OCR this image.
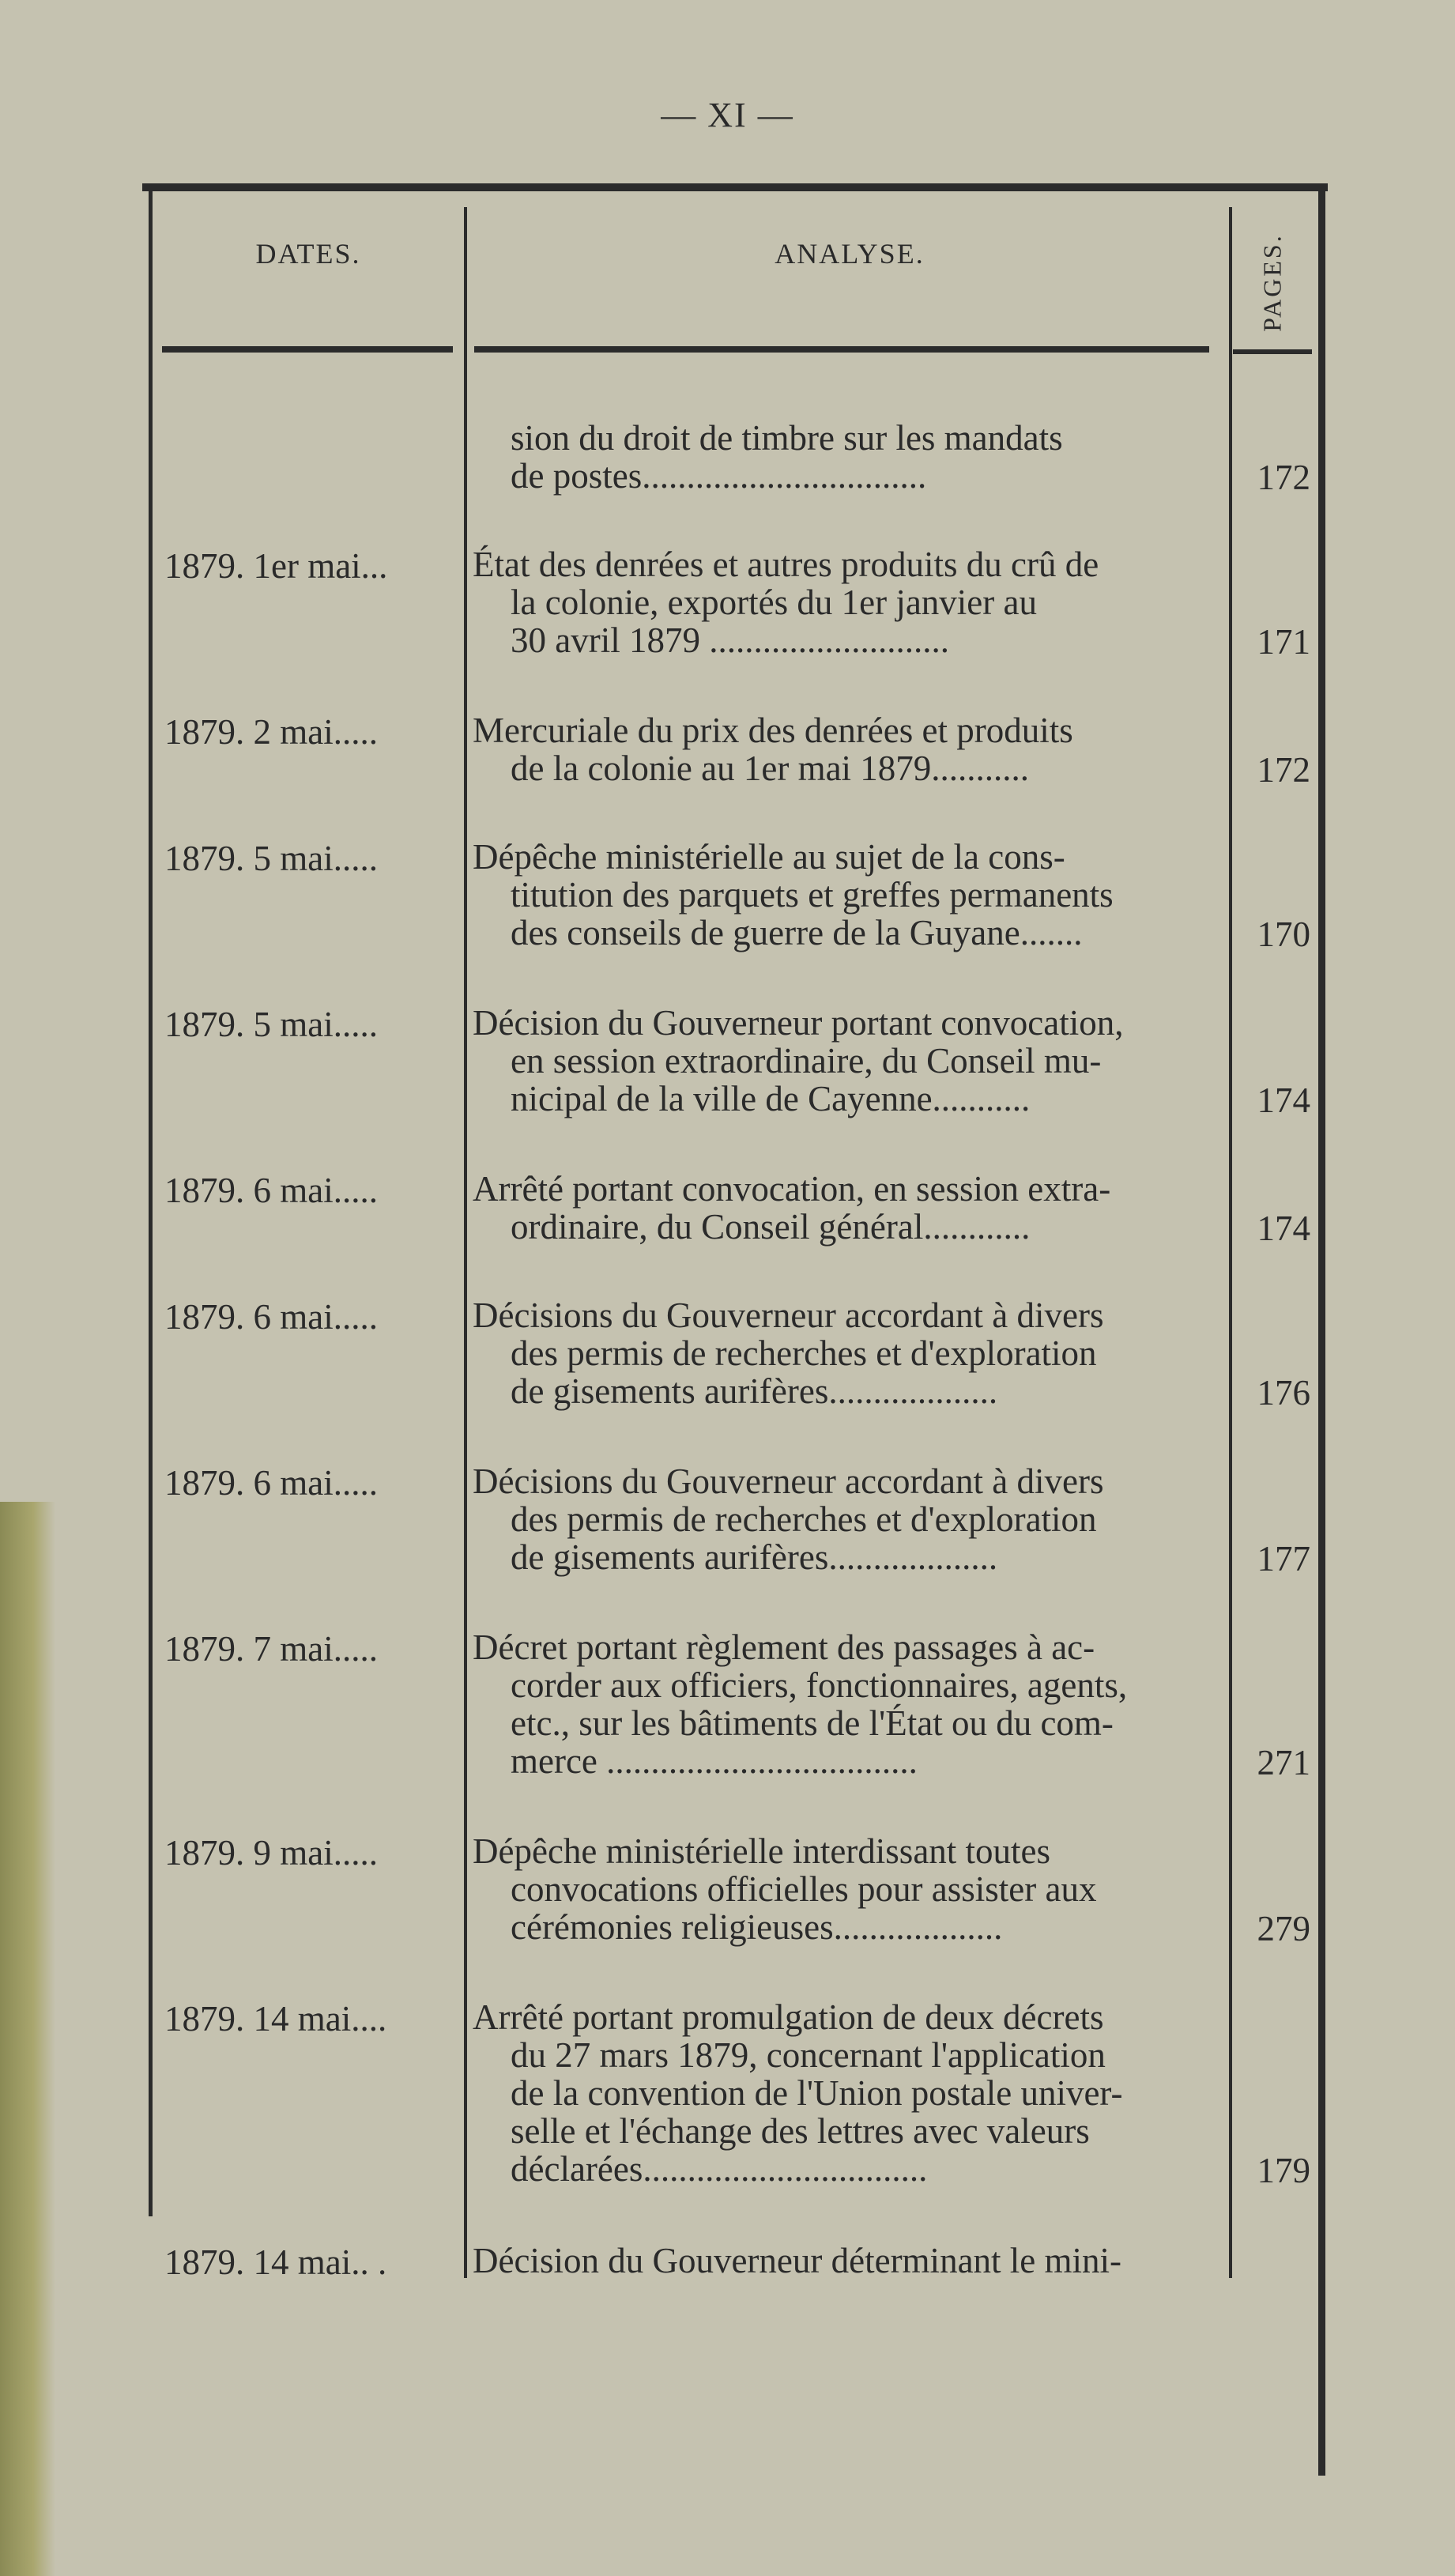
— XI —
DATES.	ANALYSE.	PAGES.
sion du droit de timbre sur les mandats
de postes................................	172
1879. 1er mai... État des denrées et autres produits du crû de
la colonie, exportés du 1er janvier au
30 avril 1879 ...........................	171
1879. 2 mai.....	Mercuriale du prix des denrées et produits
de la colonie au 1er mai 1879...........	172
1879. 5 mai.....	Dépêche ministérielle au sujet de la cons-
titution des parquets et greffes permanents
des conseils de guerre de la Guyane.......	170
1879. 5 mai.....	Décision du Gouverneur portant convocation,
en session extraordinaire, du Conseil mu-
nicipal de la ville de Cayenne...........	174
1879. 6 mai.....	Arrêté portant convocation, en session extra-
ordinaire, du Conseil général............	174
1879. 6 mai.....	Décisions du Gouverneur accordant à divers
des permis de recherches et d'exploration
de gisements aurifères...................	176
1879. 6 mai.....	Décisions du Gouverneur accordant à divers
des permis de recherches et d'exploration
de gisements aurifères...................	177
1879. 7 mai.....	Décret portant règlement des passages à ac-
corder aux officiers, fonctionnaires, agents,
etc., sur les bâtiments de l'État ou du com-
merce ...................................	271
1879. 9 mai.....	Dépêche ministérielle interdissant toutes
convocations officielles pour assister aux
cérémonies religieuses...................	279
1879. 14 mai.... Arrêté portant promulgation de deux décrets
du 27 mars 1879, concernant l'application
de la convention de l'Union postale univer-
selle et l'échange des lettres avec valeurs
déclarées................................	179
1879. 14 mai.. . Décision du Gouverneur déterminant le mini-
